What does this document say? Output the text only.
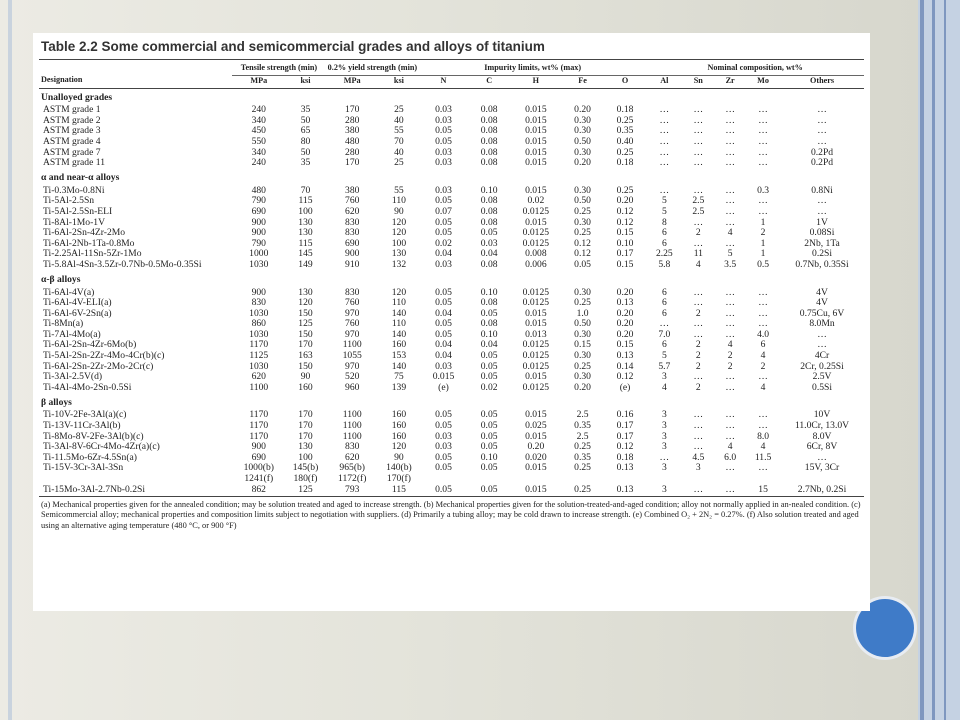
Table 2.2 Some commercial and semicommercial grades and alloys of titanium
	Tensile strength (min)		0.2% yield strength (min)		Impurity limits, wt% (max)					Nominal composition, wt%				
Designation	MPa	ksi	MPa	ksi	N	C	H	Fe	O	Al	Sn	Zr	Mo	Others
Unalloyed grades														
ASTM grade 1	240	35	170	25	0.03	0.08	0.015	0.20	0.18	…	…	…	…	…
ASTM grade 2	340	50	280	40	0.03	0.08	0.015	0.30	0.25	…	…	…	…	…
ASTM grade 3	450	65	380	55	0.05	0.08	0.015	0.30	0.35	…	…	…	…	…
ASTM grade 4	550	80	480	70	0.05	0.08	0.015	0.50	0.40	…	…	…	…	…
ASTM grade 7	340	50	280	40	0.03	0.08	0.015	0.30	0.25	…	…	…	…	0.2Pd
ASTM grade 11	240	35	170	25	0.03	0.08	0.015	0.20	0.18	…	…	…	…	0.2Pd
α and near-α alloys														
Ti-0.3Mo-0.8Ni	480	70	380	55	0.03	0.10	0.015	0.30	0.25	…	…	…	0.3	0.8Ni
Ti-5Al-2.5Sn	790	115	760	110	0.05	0.08	0.02	0.50	0.20	5	2.5	…	…	…
Ti-5Al-2.5Sn-ELI	690	100	620	90	0.07	0.08	0.0125	0.25	0.12	5	2.5	…	…	…
Ti-8Al-1Mo-1V	900	130	830	120	0.05	0.08	0.015	0.30	0.12	8	…	…	1	1V
Ti-6Al-2Sn-4Zr-2Mo	900	130	830	120	0.05	0.05	0.0125	0.25	0.15	6	2	4	2	0.08Si
Ti-6Al-2Nb-1Ta-0.8Mo	790	115	690	100	0.02	0.03	0.0125	0.12	0.10	6	…	…	1	2Nb, 1Ta
Ti-2.25Al-11Sn-5Zr-1Mo	1000	145	900	130	0.04	0.04	0.008	0.12	0.17	2.25	11	5	1	0.2Si
Ti-5.8Al-4Sn-3.5Zr-0.7Nb-0.5Mo-0.35Si	1030	149	910	132	0.03	0.08	0.006	0.05	0.15	5.8	4	3.5	0.5	0.7Nb, 0.35Si
α-β alloys														
Ti-6Al-4V(a)	900	130	830	120	0.05	0.10	0.0125	0.30	0.20	6	…	…	…	4V
Ti-6Al-4V-ELI(a)	830	120	760	110	0.05	0.08	0.0125	0.25	0.13	6	…	…	…	4V
Ti-6Al-6V-2Sn(a)	1030	150	970	140	0.04	0.05	0.015	1.0	0.20	6	2	…	…	0.75Cu, 6V
Ti-8Mn(a)	860	125	760	110	0.05	0.08	0.015	0.50	0.20	…	…	…	…	8.0Mn
Ti-7Al-4Mo(a)	1030	150	970	140	0.05	0.10	0.013	0.30	0.20	7.0	…	…	4.0	…
Ti-6Al-2Sn-4Zr-6Mo(b)	1170	170	1100	160	0.04	0.04	0.0125	0.15	0.15	6	2	4	6	…
Ti-5Al-2Sn-2Zr-4Mo-4Cr(b)(c)	1125	163	1055	153	0.04	0.05	0.0125	0.30	0.13	5	2	2	4	4Cr
Ti-6Al-2Sn-2Zr-2Mo-2Cr(c)	1030	150	970	140	0.03	0.05	0.0125	0.25	0.14	5.7	2	2	2	2Cr, 0.25Si
Ti-3Al-2.5V(d)	620	90	520	75	0.015	0.05	0.015	0.30	0.12	3	…	…	…	2.5V
Ti-4Al-4Mo-2Sn-0.5Si	1100	160	960	139	(e)	0.02	0.0125	0.20	(e)	4	2	…	4	0.5Si
β alloys														
Ti-10V-2Fe-3Al(a)(c)	1170	170	1100	160	0.05	0.05	0.015	2.5	0.16	3	…	…	…	10V
Ti-13V-11Cr-3Al(b)	1170	170	1100	160	0.05	0.05	0.025	0.35	0.17	3	…	…	…	11.0Cr, 13.0V
Ti-8Mo-8V-2Fe-3Al(b)(c)	1170	170	1100	160	0.03	0.05	0.015	2.5	0.17	3	…	…	8.0	8.0V
Ti-3Al-8V-6Cr-4Mo-4Zr(a)(c)	900	130	830	120	0.03	0.05	0.20	0.25	0.12	3	…	4	4	6Cr, 8V
Ti-11.5Mo-6Zr-4.5Sn(a)	690	100	620	90	0.05	0.10	0.020	0.35	0.18	…	4.5	6.0	11.5	…
Ti-15V-3Cr-3Al-3Sn	1000(b)	145(b)	965(b)	140(b)	0.05	0.05	0.015	0.25	0.13	3	3	…	…	15V, 3Cr
	1241(f)	180(f)	1172(f)	170(f)										
Ti-15Mo-3Al-2.7Nb-0.2Si	862	125	793	115	0.05	0.05	0.015	0.25	0.13	3	…	…	15	2.7Nb, 0.2Si

(a) Mechanical properties given for the annealed condition; may be solution treated and aged to increase strength. (b) Mechanical properties given for the solution-treated-and-aged condition; alloy not normally applied in an-nealed condition. (c) Semicommercial alloy; mechanical properties and composition limits subject to negotiation with suppliers. (d) Primarily a tubing alloy; may be cold drawn to increase strength. (e) Combined O₂ + 2N₂ = 0.27%. (f) Also solution treated and aged using an alternative aging temperature (480 °C, or 900 °F)
